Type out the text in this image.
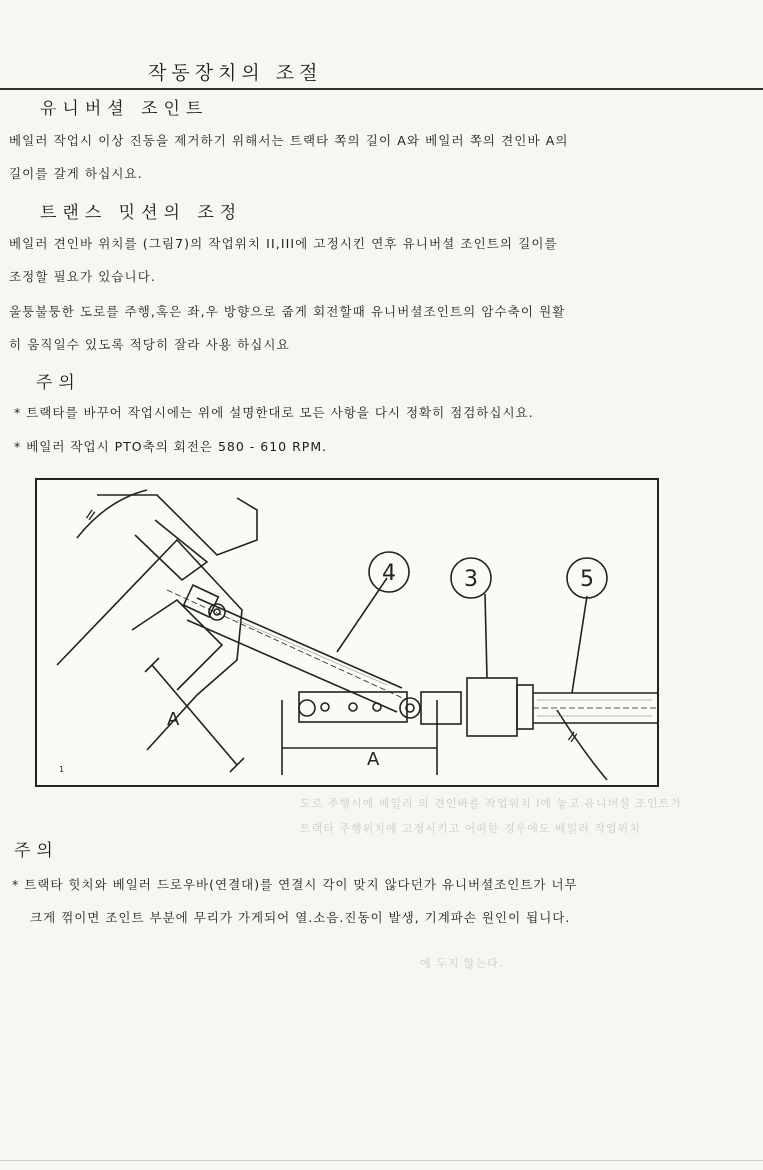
작동장치의 조절
유니버셜 조인트
베일러 작업시 이상 진동을 제거하기 위해서는 트랙타 쪽의 길이 A와 베일러 쪽의 견인바 A의
길이를 갈게 하십시요.
트랜스 밋션의 조정
베일러 견인바 위치를 (그림7)의 작업위치 II,III에 고정시킨 연후 유니버셜 조인트의 길이를
조정할 필요가 있습니다.
울퉁불퉁한 도로를 주행,혹은 좌,우 방향으로 줍게 회전할때 유니버셜조인트의 암수축이 원활
히 움직일수 있도록 적당히 잘라 사용 하십시요
주의
* 트랙타를 바꾸어 작업시에는 위에 설명한대로 모든 사항을 다시 정확히 점검하십시요.
* 베일러 작업시 PTO축의 회전은 580 - 610 RPM.
4	3	5
A
A
=
=
1
도로 주행시에 베일러 의 견인바를 작업위치 I에 놓고 유니버셜 조인트가
트랙타 주행위치에 고정시키고 어떠한 경우에도 베일러 작업위치
에 두지 않는다.
주의
* 트랙타 힛치와 베일러 드로우바(연결대)를 연결시 각이 맞지 않다던가 유니버셜조인트가 너무
크게 꺾이면 조인트 부분에 무리가 가게되어 열.소음.진동이 발생, 기계파손 원인이 됩니다.
